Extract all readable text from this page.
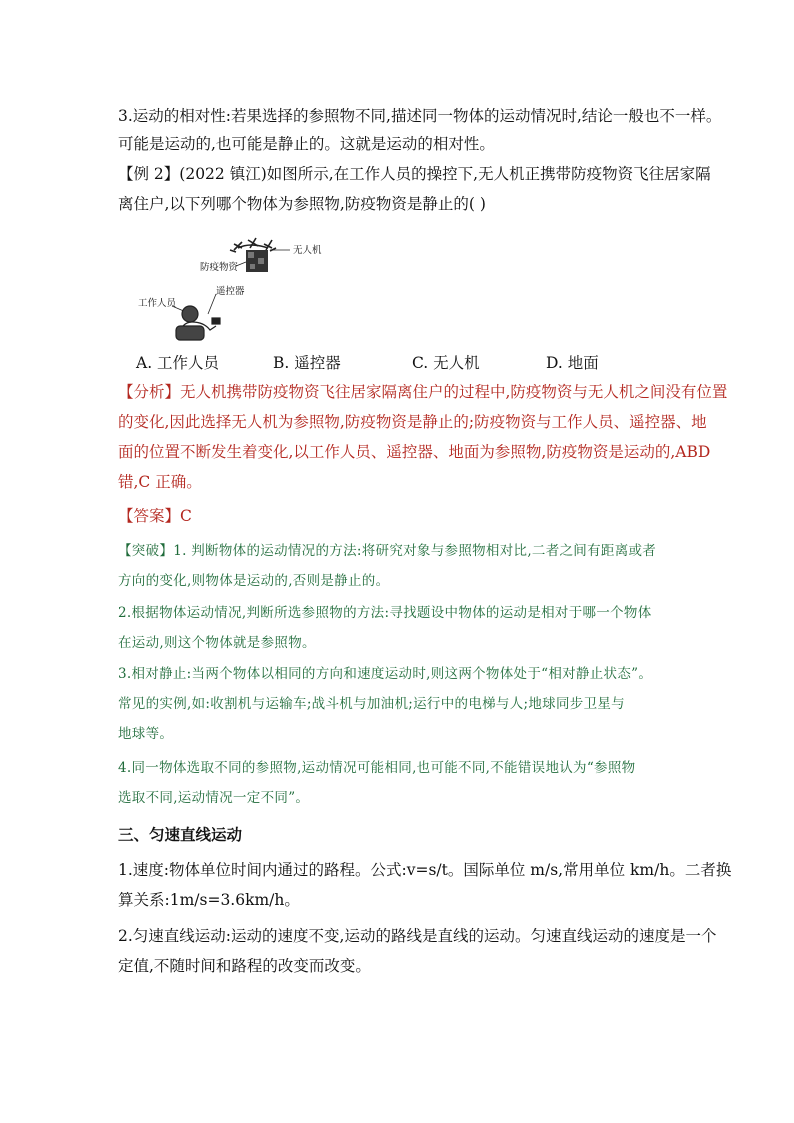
3.运动的相对性:若果选择的参照物不同,描述同一物体的运动情况时,结论一般也不一样。
可能是运动的,也可能是静止的。这就是运动的相对性。
【例 2】(2022 镇江)如图所示,在工作人员的操控下,无人机正携带防疫物资飞往居家隔
离住户,以下列哪个物体为参照物,防疫物资是静止的( )
无人机
防疫物资
遥控器
工作人员
A. 工作人员	B. 遥控器	C. 无人机	D. 地面
【分析】无人机携带防疫物资飞往居家隔离住户的过程中,防疫物资与无人机之间没有位置
的变化,因此选择无人机为参照物,防疫物资是静止的;防疫物资与工作人员、遥控器、地
面的位置不断发生着变化,以工作人员、遥控器、地面为参照物,防疫物资是运动的,ABD
错,C 正确。
【答案】C
【突破】1. 判断物体的运动情况的方法:将研究对象与参照物相对比,二者之间有距离或者
方向的变化,则物体是运动的,否则是静止的。
2.根据物体运动情况,判断所选参照物的方法:寻找题设中物体的运动是相对于哪一个物体
在运动,则这个物体就是参照物。
3.相对静止:当两个物体以相同的方向和速度运动时,则这两个物体处于“相对静止状态”。
常见的实例,如:收割机与运输车;战斗机与加油机;运行中的电梯与人;地球同步卫星与
地球等。
4.同一物体选取不同的参照物,运动情况可能相同,也可能不同,不能错误地认为“参照物
选取不同,运动情况一定不同”。
三、匀速直线运动
1.速度:物体单位时间内通过的路程。公式:v=s/t。国际单位 m/s,常用单位 km/h。二者换
算关系:1m/s=3.6km/h。
2.匀速直线运动:运动的速度不变,运动的路线是直线的运动。匀速直线运动的速度是一个
定值,不随时间和路程的改变而改变。
